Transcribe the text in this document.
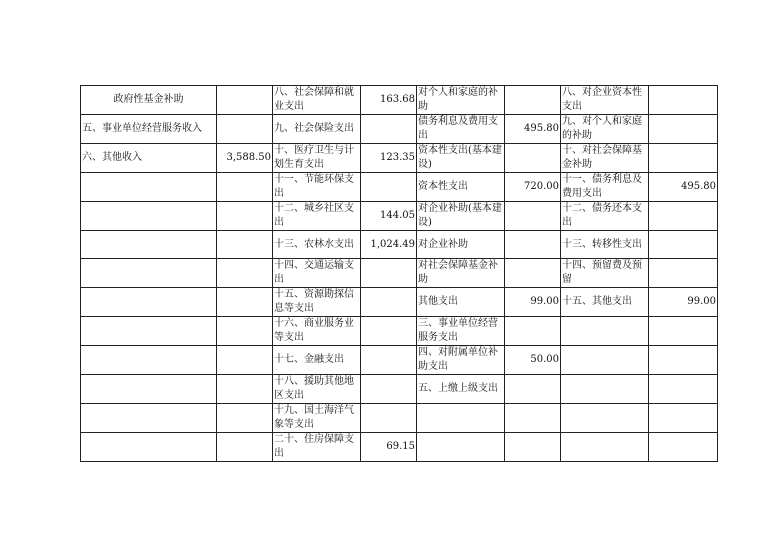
政府性基金补助		八、社会保障和就业支出	163.68	对个人和家庭的补助		八、对企业资本性支出	
五、事业单位经营服务收入		九、社会保险支出		债务利息及费用支出	495.80	九、对个人和家庭的补助	
六、其他收入	3,588.50	十、医疗卫生与计划生育支出	123.35	资本性支出(基本建设)		十、对社会保障基金补助	
		十一、节能环保支出		资本性支出	720.00	十一、债务利息及费用支出	495.80
		十二、城乡社区支出	144.05	对企业补助(基本建设)		十二、债务还本支出	
		十三、农林水支出	1,024.49	对企业补助		十三、转移性支出	
		十四、交通运输支出		对社会保障基金补助		十四、预留费及预留	
		十五、资源勘探信息等支出		其他支出	99.00	十五、其他支出	99.00
		十六、商业服务业等支出		三、事业单位经营服务支出			
		十七、金融支出		四、对附属单位补助支出	50.00		
		十八、援助其他地区支出		五、上缴上级支出			
		十九、国土海洋气象等支出					
		二十、住房保障支出	69.15				
